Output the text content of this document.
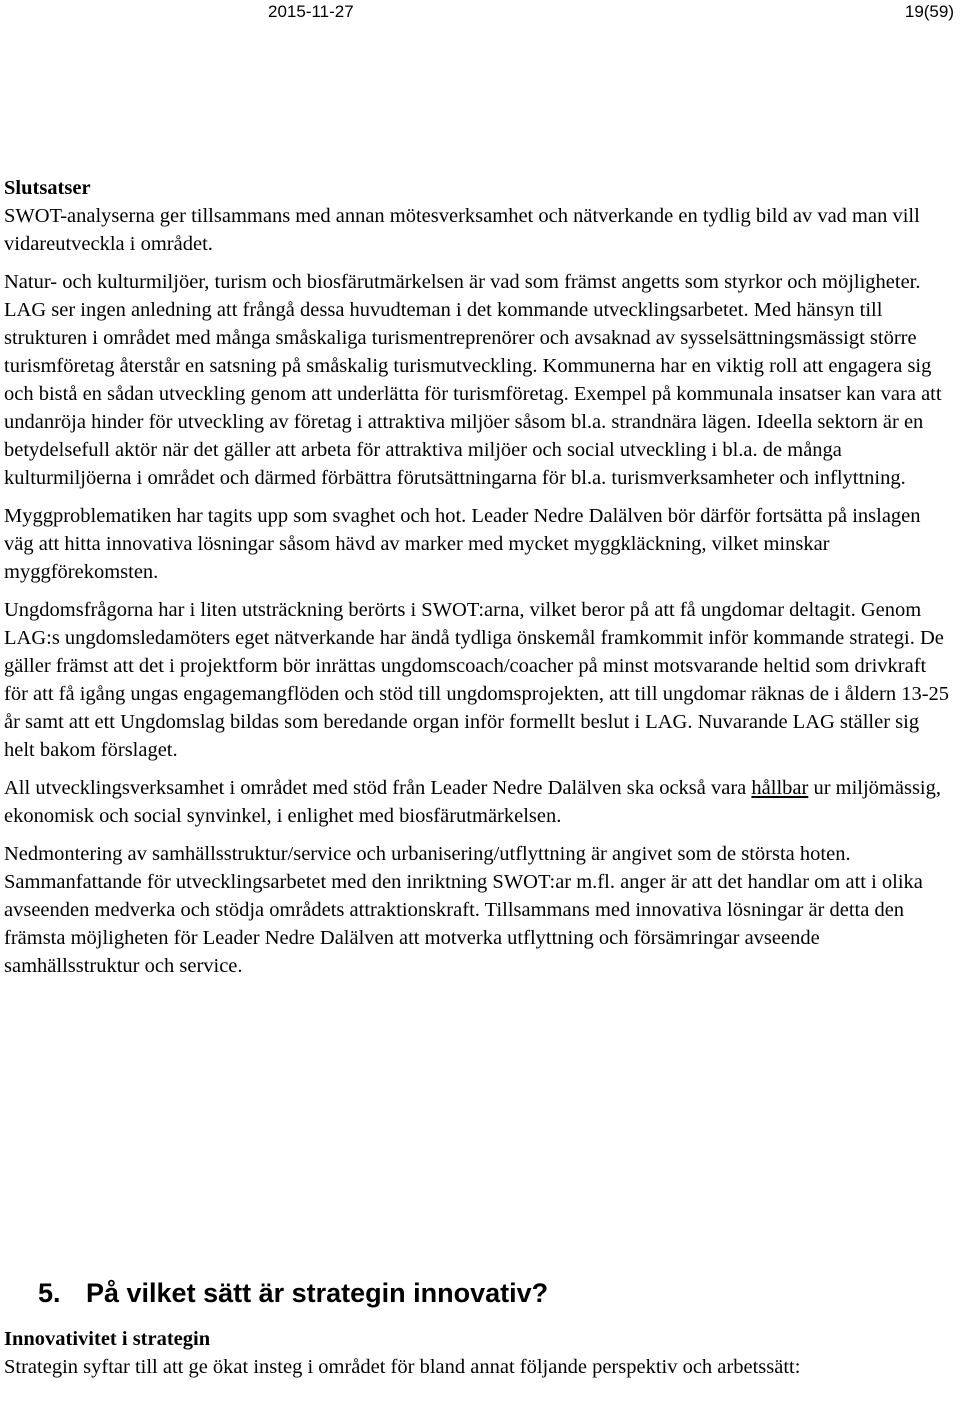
2015-11-27	19(59)

Slutsatser
SWOT-analyserna ger tillsammans med annan mötesverksamhet och nätverkande en tydlig bild av vad man vill vidareutveckla i området.

Natur- och kulturmiljöer, turism och biosfärutmärkelsen är vad som främst angetts som styrkor och möjligheter. LAG ser ingen anledning att frångå dessa huvudteman i det kommande utvecklingsarbetet. Med hänsyn till strukturen i området med många småskaliga turismentreprenörer och avsaknad av sysselsättningsmässigt större turismföretag återstår en satsning på småskalig turismutveckling. Kommunerna har en viktig roll att engagera sig och bistå en sådan utveckling genom att underlätta för turismföretag. Exempel på kommunala insatser kan vara att undanröja hinder för utveckling av företag i attraktiva miljöer såsom bl.a. strandnära lägen. Ideella sektorn är en betydelsefull aktör när det gäller att arbeta för attraktiva miljöer och social utveckling i bl.a. de många kulturmiljöerna i området och därmed förbättra förutsättningarna för bl.a. turismverksamheter och inflyttning.

Myggproblematiken har tagits upp som svaghet och hot. Leader Nedre Dalälven bör därför fortsätta på inslagen väg att hitta innovativa lösningar såsom hävd av marker med mycket myggkläckning, vilket minskar myggförekomsten.

Ungdomsfrågorna har i liten utsträckning berörts i SWOT:arna, vilket beror på att få ungdomar deltagit. Genom LAG:s ungdomsledamöters eget nätverkande har ändå tydliga önskemål framkommit inför kommande strategi. De gäller främst att det i projektform bör inrättas ungdomscoach/coacher på minst motsvarande heltid som drivkraft för att få igång ungas engagemangflöden och stöd till ungdomsprojekten, att till ungdomar räknas de i åldern 13-25 år samt att ett Ungdomslag bildas som beredande organ inför formellt beslut i LAG. Nuvarande LAG ställer sig helt bakom förslaget.

All utvecklingsverksamhet i området med stöd från Leader Nedre Dalälven ska också vara hållbar ur miljömässig, ekonomisk och social synvinkel, i enlighet med biosfärutmärkelsen.

Nedmontering av samhällsstruktur/service och urbanisering/utflyttning är angivet som de största hoten. Sammanfattande för utvecklingsarbetet med den inriktning SWOT:ar m.fl. anger är att det handlar om att i olika avseenden medverka och stödja områdets attraktionskraft. Tillsammans med innovativa lösningar är detta den främsta möjligheten för Leader Nedre Dalälven att motverka utflyttning och försämringar avseende samhällsstruktur och service.

5. På vilket sätt är strategin innovativ?
Innovativitet i strategin
Strategin syftar till att ge ökat insteg i området för bland annat följande perspektiv och arbetssätt:
